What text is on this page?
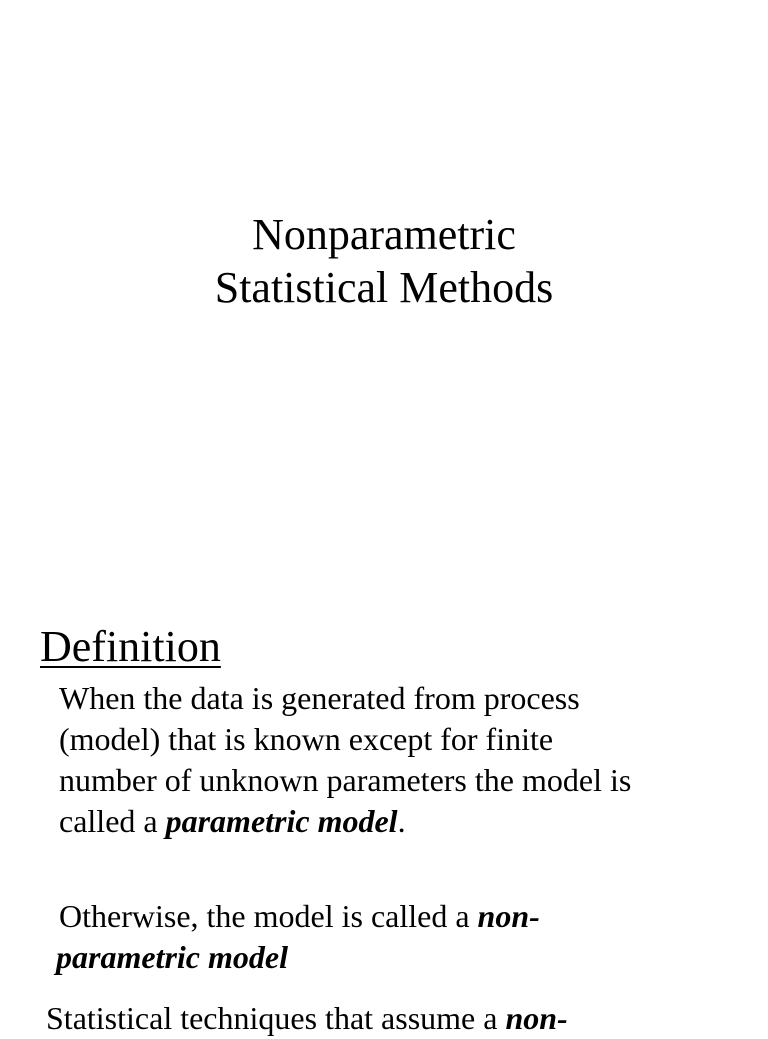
Nonparametric
Statistical Methods
Definition
When the data is generated from process
(model) that is known except for finite
number of unknown parameters the model is
called a parametric model.
Otherwise, the model is called a non-
parametric model
Statistical techniques that assume a non-
